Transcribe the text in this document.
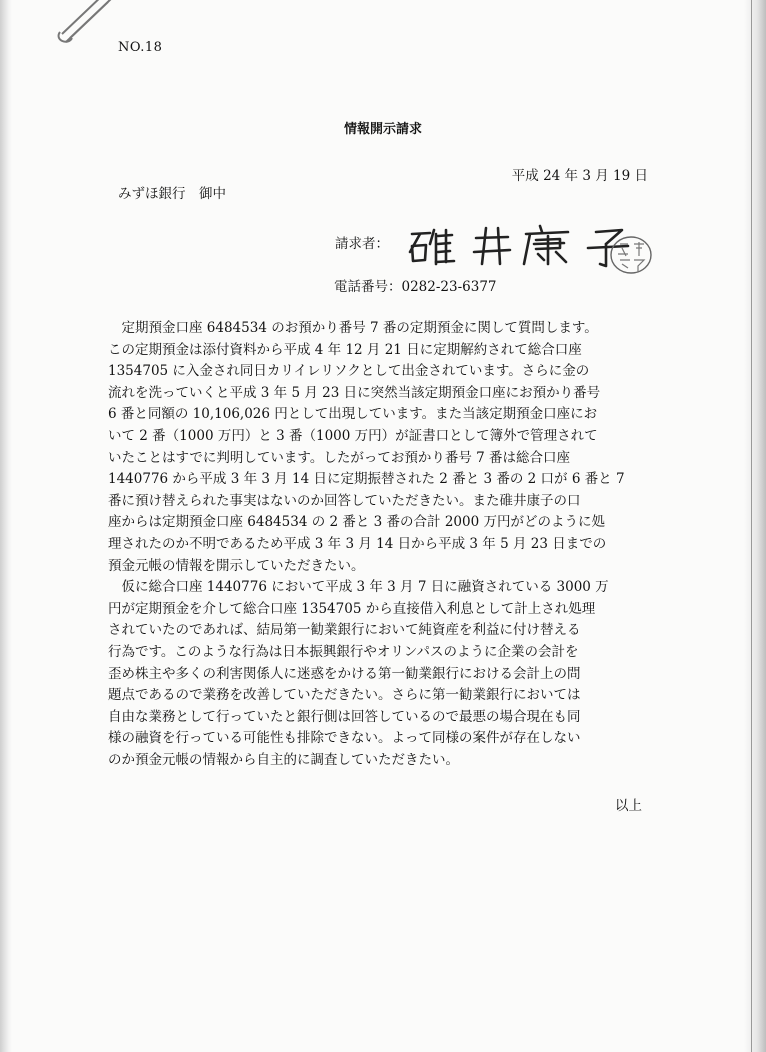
NO.18
情報開示請求
平成 24 年 3 月 19 日
みずほ銀行　御中
請求者：
電話番号：0282-23-6377

　定期預金口座 6484534 のお預かり番号 7 番の定期預金に関して質問します。

この定期預金は添付資料から平成 4 年 12 月 21 日に定期解約されて総合口座

1354705 に入金され同日カリイレリソクとして出金されています。さらに金の

流れを洗っていくと平成 3 年 5 月 23 日に突然当該定期預金口座にお預かり番号

6 番と同額の 10,106,026 円として出現しています。また当該定期預金口座にお

いて 2 番（1000 万円）と 3 番（1000 万円）が証書口として簿外で管理されて

いたことはすでに判明しています。したがってお預かり番号 7 番は総合口座

1440776 から平成 3 年 3 月 14 日に定期振替された 2 番と 3 番の 2 口が 6 番と 7

番に預け替えられた事実はないのか回答していただきたい。また碓井康子の口

座からは定期預金口座 6484534 の 2 番と 3 番の合計 2000 万円がどのように処

理されたのか不明であるため平成 3 年 3 月 14 日から平成 3 年 5 月 23 日までの

預金元帳の情報を開示していただきたい。

　仮に総合口座 1440776 において平成 3 年 3 月 7 日に融資されている 3000 万

円が定期預金を介して総合口座 1354705 から直接借入利息として計上され処理

されていたのであれば、結局第一勧業銀行において純資産を利益に付け替える

行為です。このような行為は日本振興銀行やオリンパスのように企業の会計を

歪め株主や多くの利害関係人に迷惑をかける第一勧業銀行における会計上の問

題点であるので業務を改善していただきたい。さらに第一勧業銀行においては

自由な業務として行っていたと銀行側は回答しているので最悪の場合現在も同

様の融資を行っている可能性も排除できない。よって同様の案件が存在しない

のか預金元帳の情報から自主的に調査していただきたい。

以上
